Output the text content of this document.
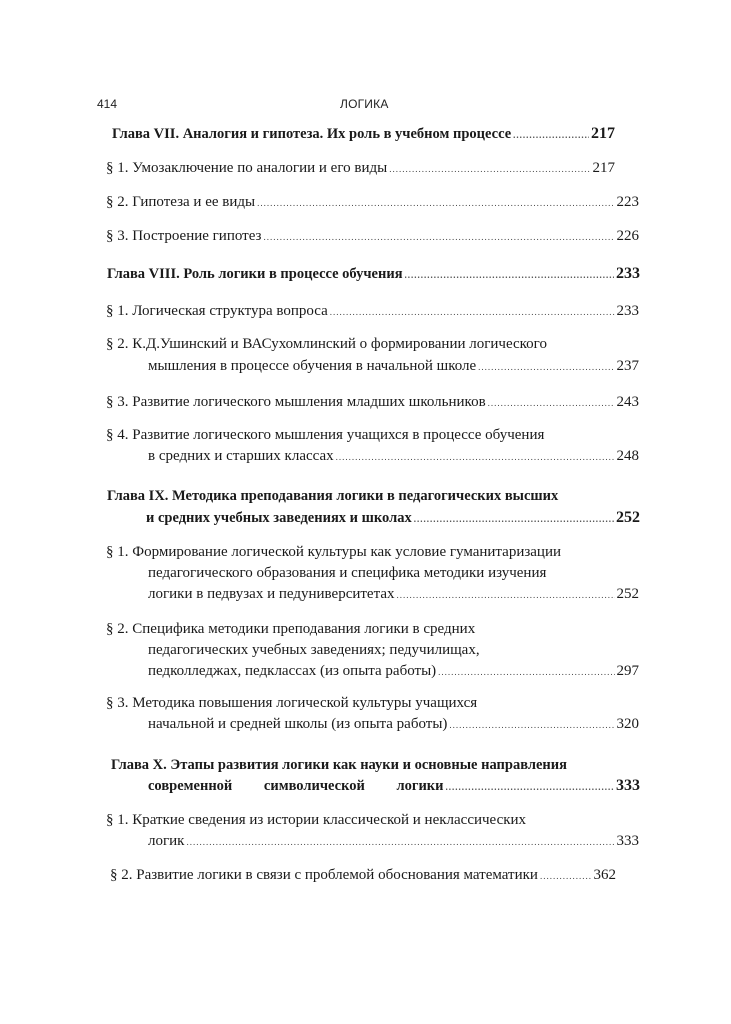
414	ЛОГИКА
Глава VII. Аналогия и гипотеза. Их роль в учебном процессе .....	217
§ 1. Умозаключение по аналогии и его виды .....	217
§ 2. Гипотеза и ее виды .....	223
§ 3. Построение гипотез .....	226
Глава VIII. Роль логики в процессе обучения .....	233
§ 1. Логическая структура вопроса .....	233
§ 2. К.Д.Ушинский и ВАСухомлинский о формировании логического
мышления в процессе обучения в начальной школе .....	237
§ 3. Развитие логического мышления младших школьников .....	243
§ 4. Развитие логического мышления учащихся в процессе обучения
в средних и старших классах .....	248
Глава IX. Методика преподавания логики в педагогических высших
и средних учебных заведениях и школах .....	252
§ 1. Формирование логической культуры как условие гуманитаризации
педагогического образования и специфика методики изучения
логики в педвузах и педуниверситетах .....	252
§ 2. Специфика методики преподавания логики в средних
педагогических учебных заведениях; педучилищах,
педколледжах, педклассах (из опыта работы) .....	297
§ 3. Методика повышения логической культуры учащихся
начальной и средней школы (из опыта работы) .....	320
Глава X. Этапы развития логики как науки и основные направления
современной символической логики .....	333
§ 1. Краткие сведения из истории классической и неклассических
логик .....	333
§ 2. Развитие логики в связи с проблемой обоснования математики .....	362
